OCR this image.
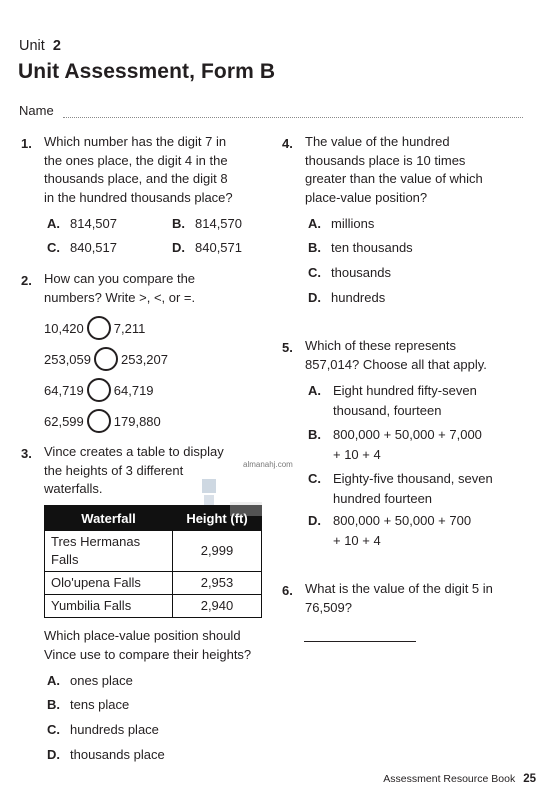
Unit 2
Unit Assessment, Form B
Name
1. Which number has the digit 7 in
the ones place, the digit 4 in the
thousands place, and the digit 8
in the hundred thousands place?
A. 814,507	B. 814,570
C. 840,517	D. 840,571
2. How can you compare the
numbers? Write >, <, or =.
10,420 7,211
253,059 253,207
64,719 64,719
62,599 179,880
3. Vince creates a table to display
the heights of 3 different
waterfalls.
Waterfall	Height (ft)

Tres Hermanas
Falls	2,999
Olo'upena Falls	2,953
Yumbilia Falls	2,940
Which place-value position should
Vince use to compare their heights?
A. ones place
B. tens place
C. hundreds place
D. thousands place
4. The value of the hundred
thousands place is 10 times
greater than the value of which
place-value position?
A. millions
B. ten thousands
C. thousands
D. hundreds
5. Which of these represents
857,014? Choose all that apply.
A. Eight hundred fifty-seven
thousand, fourteen
B. 800,000 + 50,000 + 7,000
+ 10 + 4
C. Eighty-five thousand, seven
hundred fourteen
D. 800,000 + 50,000 + 700
+ 10 + 4
6. What is the value of the digit 5 in
76,509?
almanahj.com
Assessment Resource Book 25
